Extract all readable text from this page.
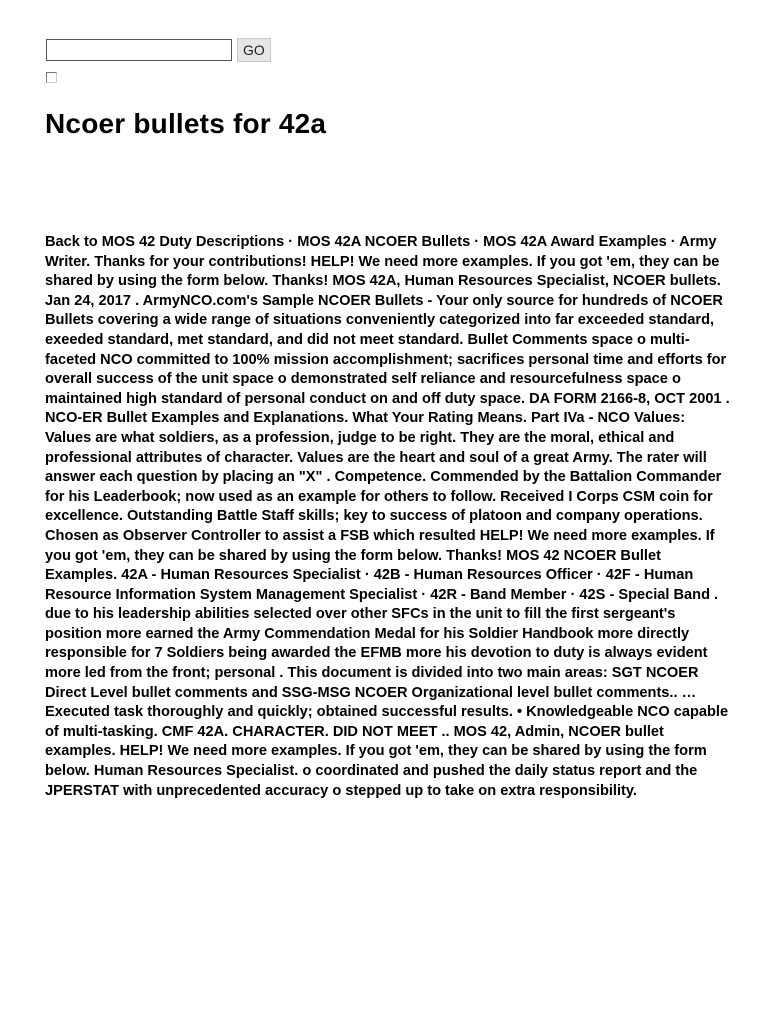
GO
Ncoer bullets for 42a

Back to MOS 42 Duty Descriptions · MOS 42A NCOER Bullets · MOS 42A Award Examples · Army Writer. Thanks for your contributions! HELP! We need more examples. If you got 'em, they can be shared by using the form below. Thanks! MOS 42A, Human Resources Specialist, NCOER bullets. Jan 24, 2017 . ArmyNCO.com's Sample NCOER Bullets - Your only source for hundreds of NCOER Bullets covering a wide range of situations conveniently categorized into far exceeded standard, exeeded standard, met standard, and did not meet standard. Bullet Comments space o multi-faceted NCO committed to 100% mission accomplishment; sacrifices personal time and efforts for overall success of the unit space o demonstrated self reliance and resourcefulness space o maintained high standard of personal conduct on and off duty space. DA FORM 2166-8, OCT 2001 . NCO-ER Bullet Examples and Explanations. What Your Rating Means. Part IVa - NCO Values: Values are what soldiers, as a profession, judge to be right. They are the moral, ethical and professional attributes of character. Values are the heart and soul of a great Army. The rater will answer each question by placing an "X" . Competence. Commended by the Battalion Commander for his Leaderbook; now used as an example for others to follow. Received I Corps CSM coin for excellence. Outstanding Battle Staff skills; key to success of platoon and company operations. Chosen as Observer Controller to assist a FSB which resulted HELP! We need more examples. If you got 'em, they can be shared by using the form below. Thanks! MOS 42 NCOER Bullet Examples. 42A - Human Resources Specialist · 42B - Human Resources Officer · 42F - Human Resource Information System Management Specialist · 42R - Band Member · 42S - Special Band . due to his leadership abilities selected over other SFCs in the unit to fill the first sergeant's position more earned the Army Commendation Medal for his Soldier Handbook more directly responsible for 7 Soldiers being awarded the EFMB more his devotion to duty is always evident more led from the front; personal . This document is divided into two main areas: SGT NCOER Direct Level bullet comments and SSG-MSG NCOER Organizational level bullet comments.. … Executed task thoroughly and quickly; obtained successful results. • Knowledgeable NCO capable of multi-tasking. CMF 42A. CHARACTER. DID NOT MEET .. MOS 42, Admin, NCOER bullet examples. HELP! We need more examples. If you got 'em, they can be shared by using the form below. Human Resources Specialist. o coordinated and pushed the daily status report and the JPERSTAT with unprecedented accuracy o stepped up to take on extra responsibility.
